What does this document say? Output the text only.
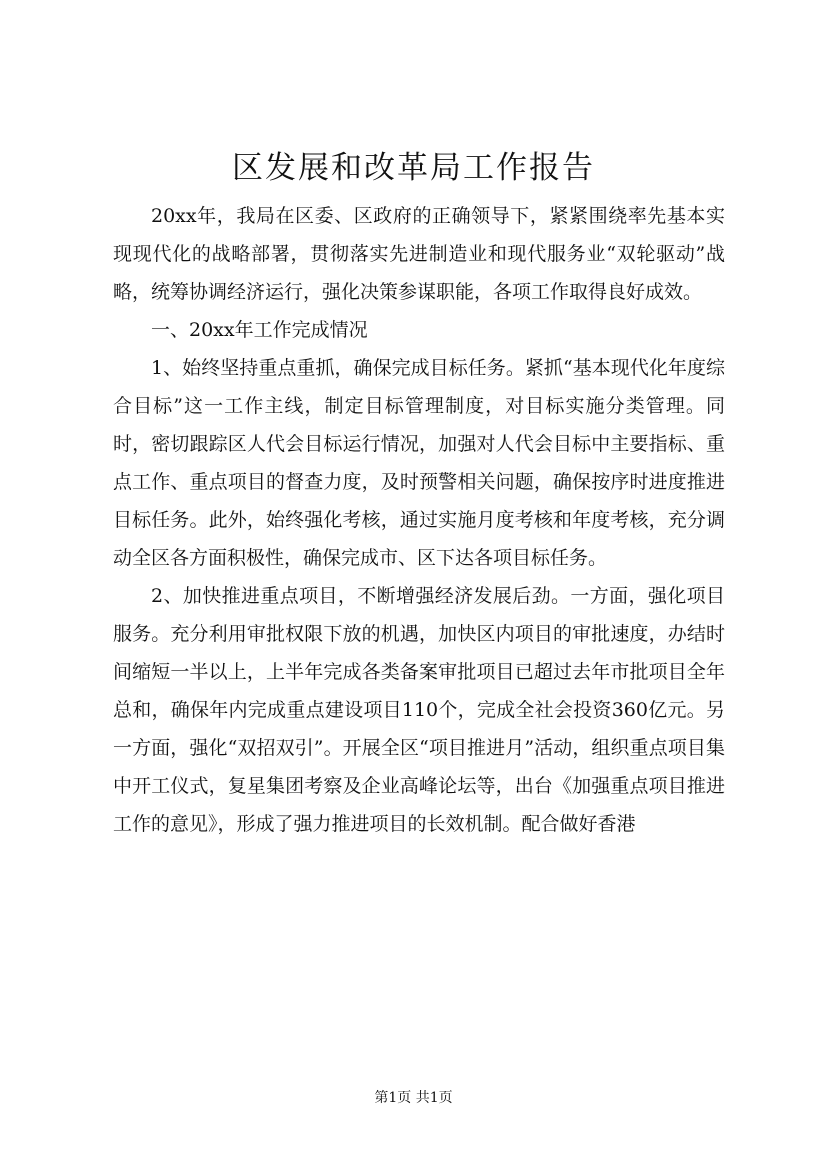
区发展和改革局工作报告

20xx年，我局在区委、区政府的正确领导下，紧紧围绕率先基本实现现代化的战略部署，贯彻落实先进制造业和现代服务业“双轮驱动”战略，统筹协调经济运行，强化决策参谋职能，各项工作取得良好成效。

一、20xx年工作完成情况

1、始终坚持重点重抓，确保完成目标任务。紧抓“基本现代化年度综合目标”这一工作主线，制定目标管理制度，对目标实施分类管理。同时，密切跟踪区人代会目标运行情况，加强对人代会目标中主要指标、重点工作、重点项目的督查力度，及时预警相关问题，确保按序时进度推进目标任务。此外，始终强化考核，通过实施月度考核和年度考核，充分调动全区各方面积极性，确保完成市、区下达各项目标任务。

2、加快推进重点项目，不断增强经济发展后劲。一方面，强化项目服务。充分利用审批权限下放的机遇，加快区内项目的审批速度，办结时间缩短一半以上，上半年完成各类备案审批项目已超过去年市批项目全年总和，确保年内完成重点建设项目110个，完成全社会投资360亿元。另一方面，强化“双招双引”。开展全区“项目推进月”活动，组织重点项目集中开工仪式，复星集团考察及企业高峰论坛等，出台《加强重点项目推进工作的意见》，形成了强力推进项目的长效机制。配合做好香港

第1页 共1页
